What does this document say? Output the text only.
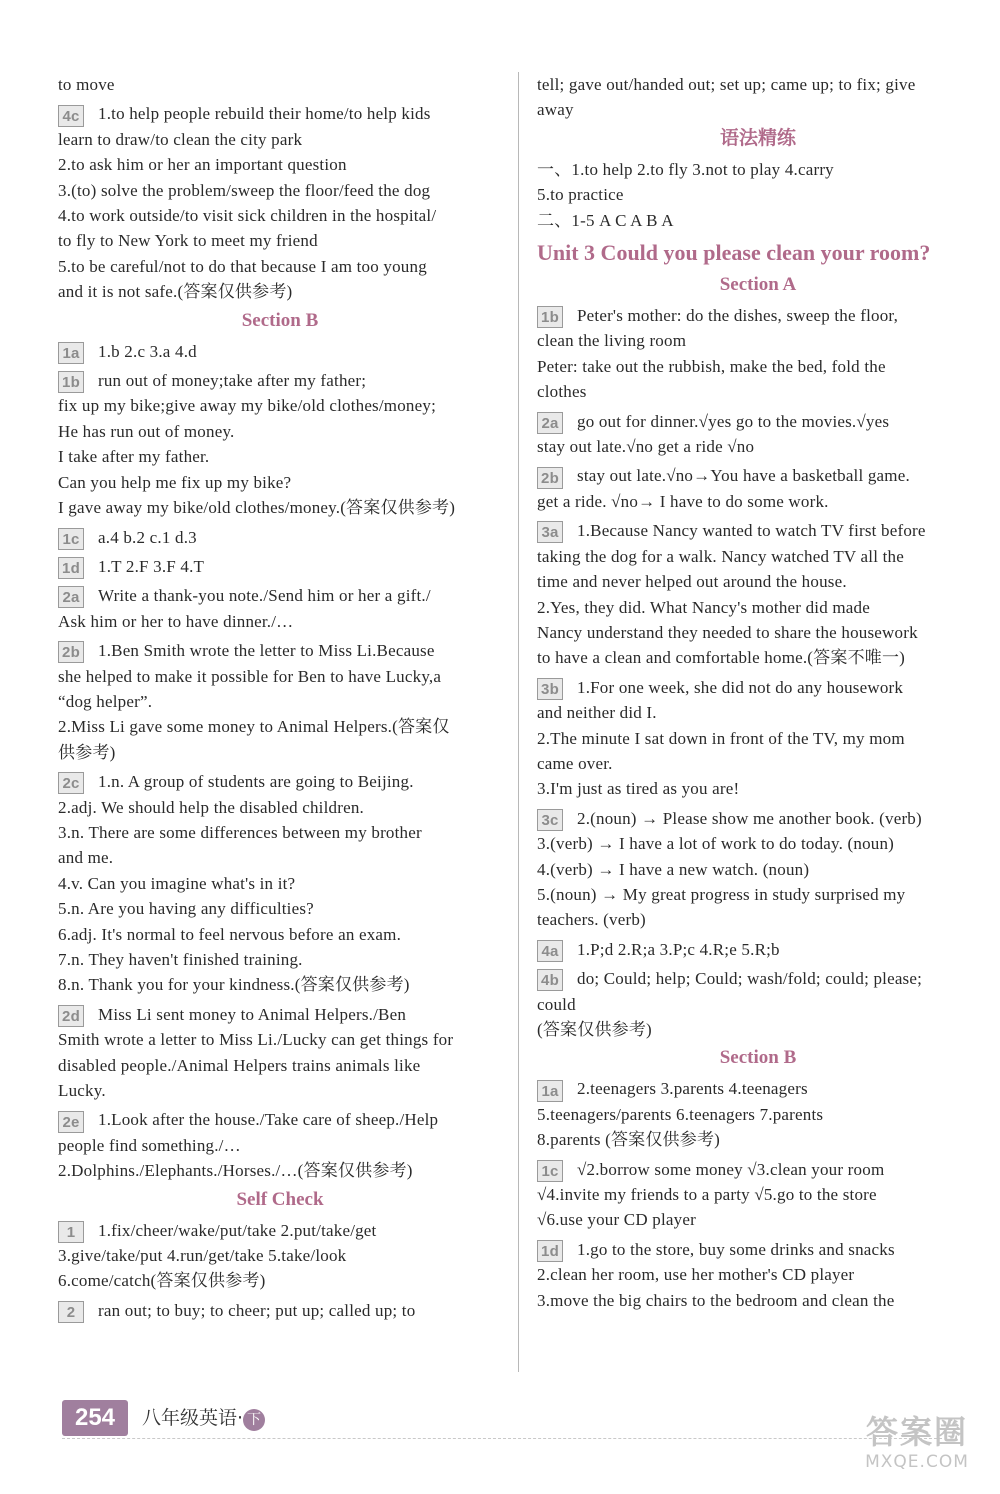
to move

4c 1.to help people rebuild their home/to help kids

learn to draw/to clean the city park

2.to ask him or her an important question

3.(to) solve the problem/sweep the floor/feed the dog

4.to work outside/to visit sick children in the hospital/

to fly to New York to meet my friend

5.to be careful/not to do that because I am too young

and it is not safe.(答案仅供参考)

Section B

1a 1.b 2.c 3.a 4.d

1b run out of money;take after my father;

fix up my bike;give away my bike/old clothes/money;

He has run out of money.

I take after my father.

Can you help me fix up my bike?

I gave away my bike/old clothes/money.(答案仅供参考)

1c a.4 b.2 c.1 d.3

1d 1.T 2.F 3.F 4.T

2a Write a thank-you note./Send him or her a gift./

Ask him or her to have dinner./…

2b 1.Ben Smith wrote the letter to Miss Li.Because

she helped to make it possible for Ben to have Lucky,a

“dog helper”.

2.Miss Li gave some money to Animal Helpers.(答案仅

供参考)

2c 1.n. A group of students are going to Beijing.

2.adj. We should help the disabled children.

3.n. There are some differences between my brother

and me.

4.v. Can you imagine what's in it?

5.n. Are you having any difficulties?

6.adj. It's normal to feel nervous before an exam.

7.n. They haven't finished training.

8.n. Thank you for your kindness.(答案仅供参考)

2d Miss Li sent money to Animal Helpers./Ben

Smith wrote a letter to Miss Li./Lucky can get things for

disabled people./Animal Helpers trains animals like

Lucky.

2e 1.Look after the house./Take care of sheep./Help

people find something./…

2.Dolphins./Elephants./Horses./…(答案仅供参考)

Self Check

1 1.fix/cheer/wake/put/take 2.put/take/get

3.give/take/put 4.run/get/take 5.take/look

6.come/catch(答案仅供参考)

2 ran out; to buy; to cheer; put up; called up; to

tell; gave out/handed out; set up; came up; to fix; give

away

语法精练

一、1.to help 2.to fly 3.not to play 4.carry

5.to practice

二、1-5 A C A B A

Unit 3 Could you please clean your room?
Section A

1b Peter's mother: do the dishes, sweep the floor,

clean the living room

Peter: take out the rubbish, make the bed, fold the

clothes

2a go out for dinner.√yes go to the movies.√yes

stay out late.√no get a ride √no

2b stay out late.√no→You have a basketball game.

get a ride. √no→ I have to do some work.

3a 1.Because Nancy wanted to watch TV first before

taking the dog for a walk. Nancy watched TV all the

time and never helped out around the house.

2.Yes, they did. What Nancy's mother did made

Nancy understand they needed to share the housework

to have a clean and comfortable home.(答案不唯一)

3b 1.For one week, she did not do any housework

and neither did I.

2.The minute I sat down in front of the TV, my mom

came over.

3.I'm just as tired as you are!

3c 2.(noun) → Please show me another book. (verb)

3.(verb) → I have a lot of work to do today. (noun)

4.(verb) → I have a new watch. (noun)

5.(noun) → My great progress in study surprised my

teachers. (verb)

4a 1.P;d 2.R;a 3.P;c 4.R;e 5.R;b

4b do; Could; help; Could; wash/fold; could; please;

could

(答案仅供参考)

Section B

1a 2.teenagers 3.parents 4.teenagers

5.teenagers/parents 6.teenagers 7.parents

8.parents (答案仅供参考)

1c √2.borrow some money √3.clean your room

√4.invite my friends to a party √5.go to the store

√6.use your CD player

1d 1.go to the store, buy some drinks and snacks

2.clean her room, use her mother's CD player

3.move the big chairs to the bedroom and clean the

254	八年级英语· 下	答案圈
MXQE.COM
